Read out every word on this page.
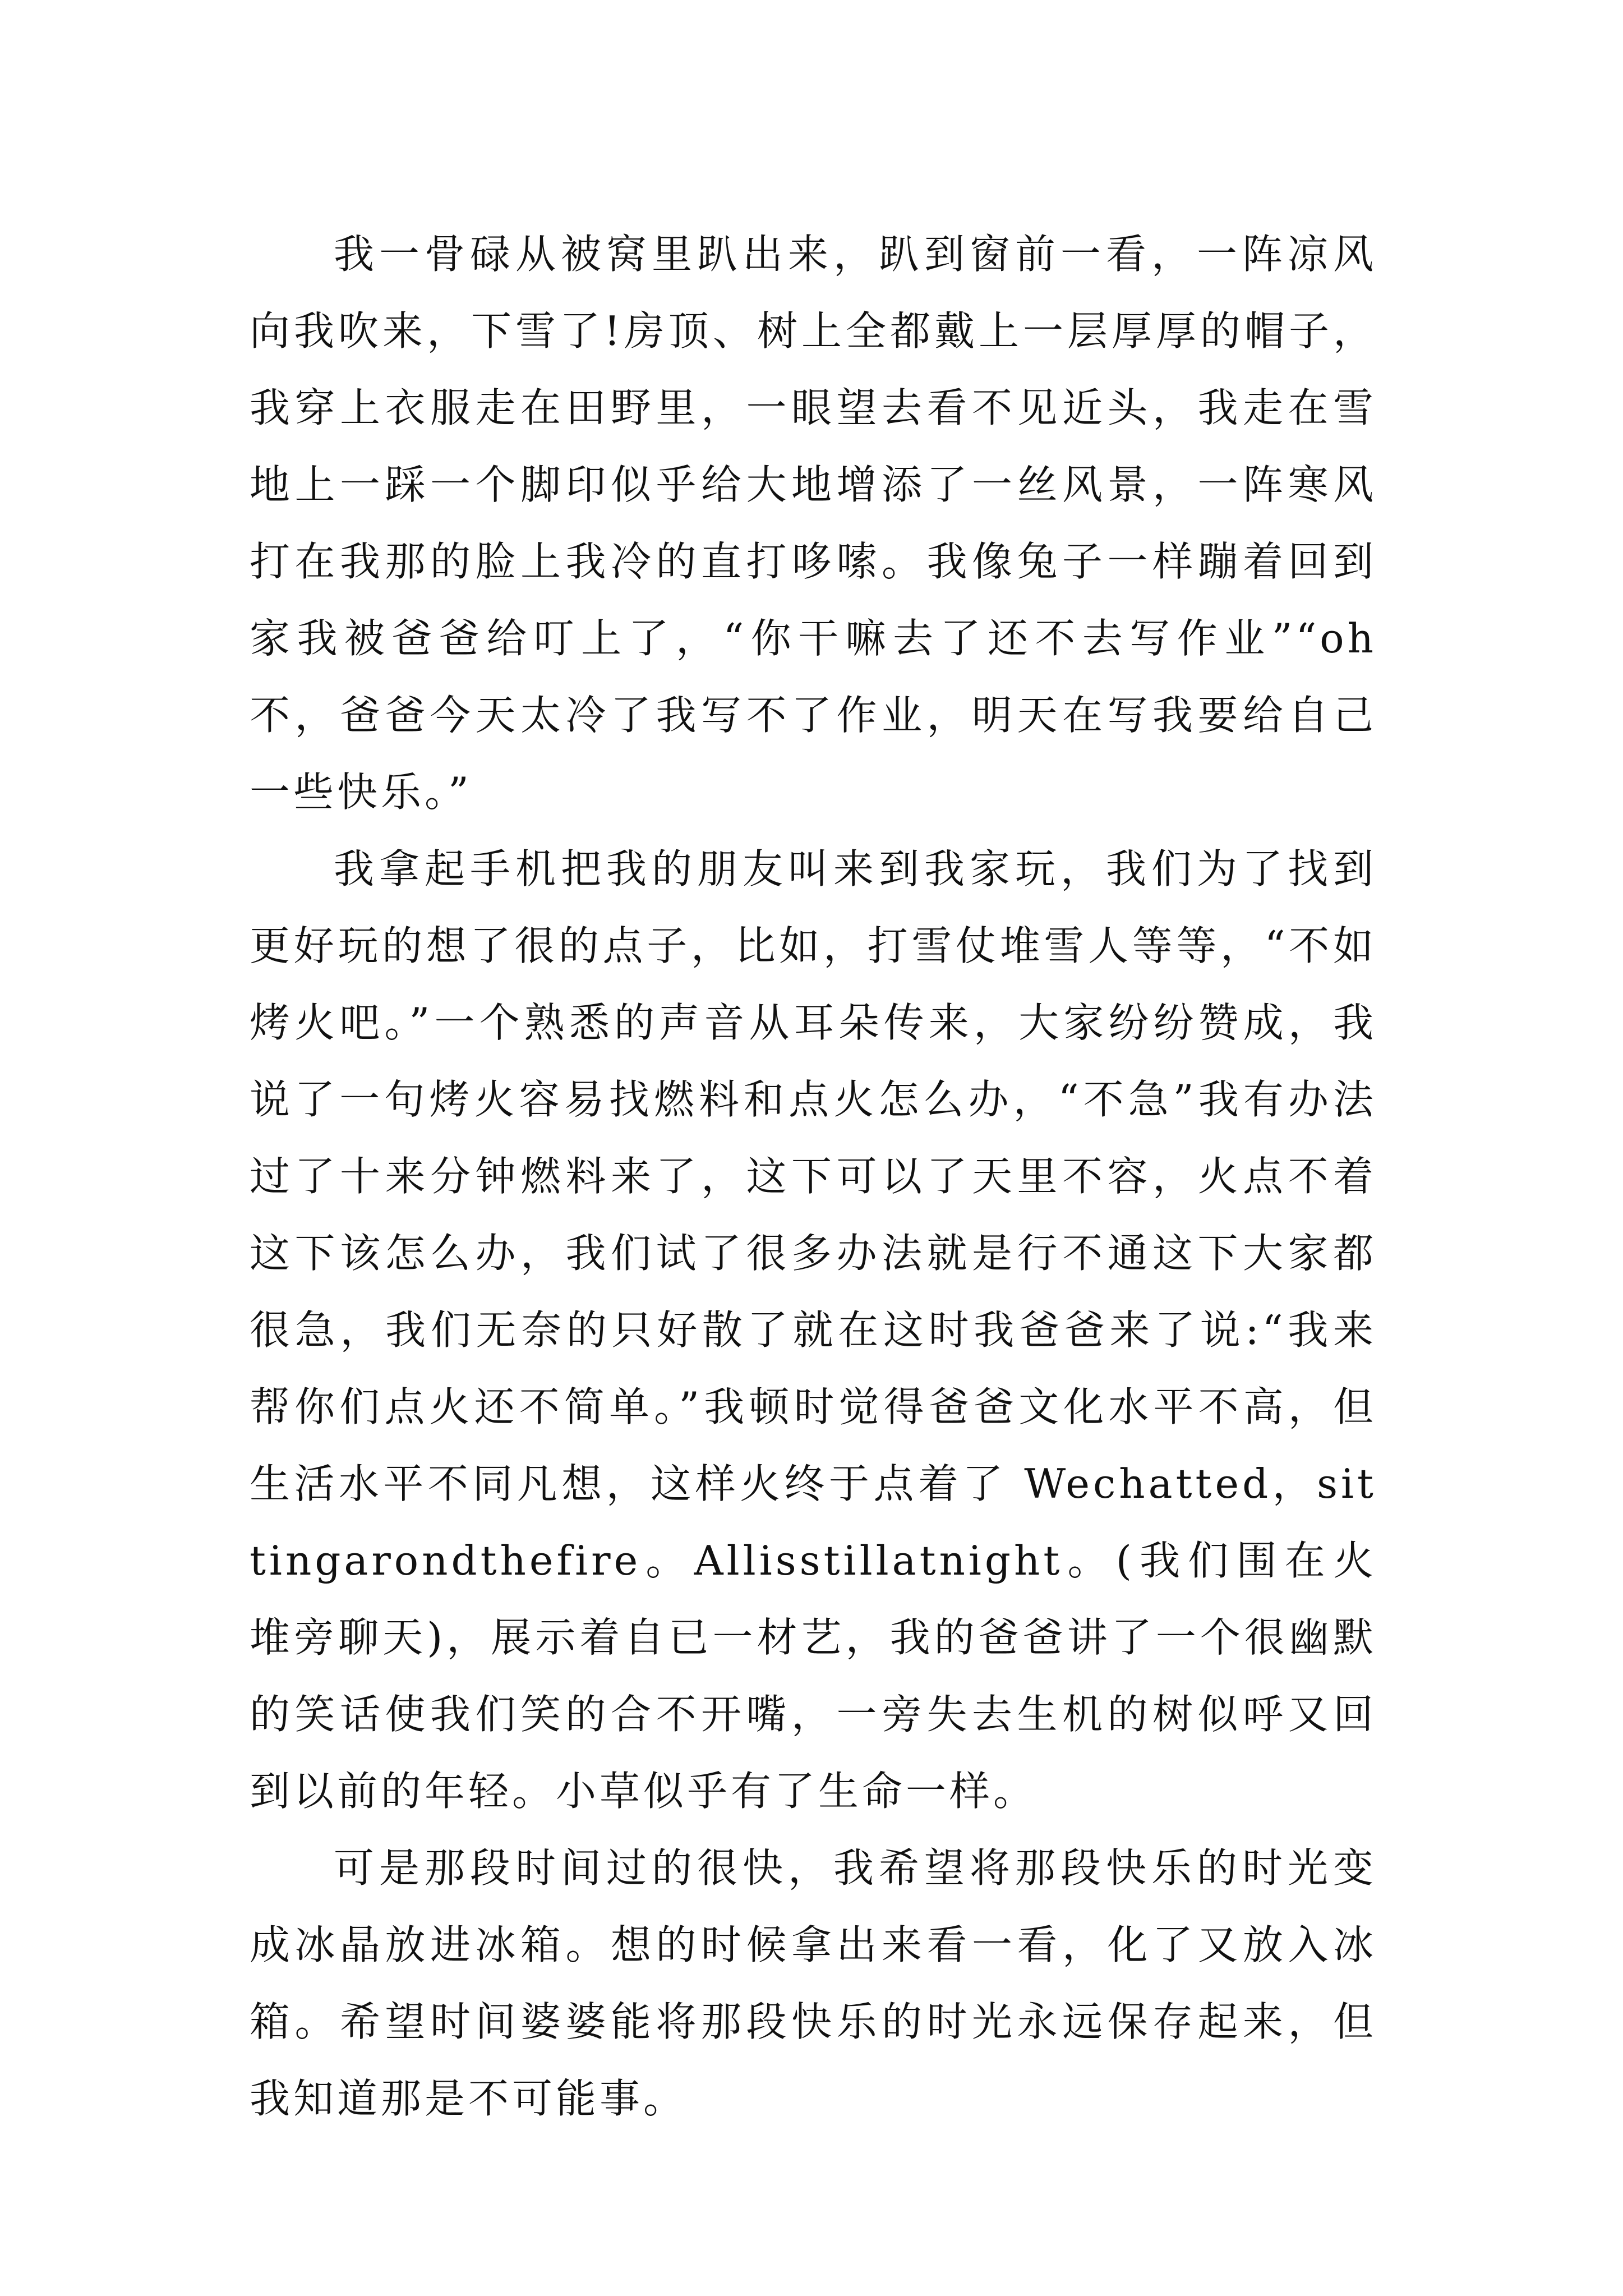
我一骨碌从被窝里趴出来，趴到窗前一看，一阵凉风向我吹来，下雪了!房顶、树上全都戴上一层厚厚的帽子，我穿上衣服走在田野里，一眼望去看不见近头，我走在雪地上一踩一个脚印似乎给大地增添了一丝风景，一阵寒风打在我那的脸上我冷的直打哆嗦。我像兔子一样蹦着回到家我被爸爸给叮上了，“你干嘛去了还不去写作业”“oh 不，爸爸今天太冷了我写不了作业，明天在写我要给自己一些快乐。”

我拿起手机把我的朋友叫来到我家玩，我们为了找到更好玩的想了很的点子，比如，打雪仗堆雪人等等，“不如烤火吧。”一个熟悉的声音从耳朵传来，大家纷纷赞成，我说了一句烤火容易找燃料和点火怎么办，“不急”我有办法过了十来分钟燃料来了，这下可以了天里不容，火点不着这下该怎么办，我们试了很多办法就是行不通这下大家都很急，我们无奈的只好散了就在这时我爸爸来了说:“我来帮你们点火还不简单。”我顿时觉得爸爸文化水平不高，但生活水平不同凡想，这样火终于点着了 Wechatted，sittingarondthefire。Allisstillatnight。(我们围在火堆旁聊天)，展示着自已一材艺，我的爸爸讲了一个很幽默的笑话使我们笑的合不开嘴，一旁失去生机的树似呼又回到以前的年轻。小草似乎有了生命一样。

可是那段时间过的很快，我希望将那段快乐的时光变成冰晶放进冰箱。想的时候拿出来看一看，化了又放入冰箱。希望时间婆婆能将那段快乐的时光永远保存起来，但我知道那是不可能事。
